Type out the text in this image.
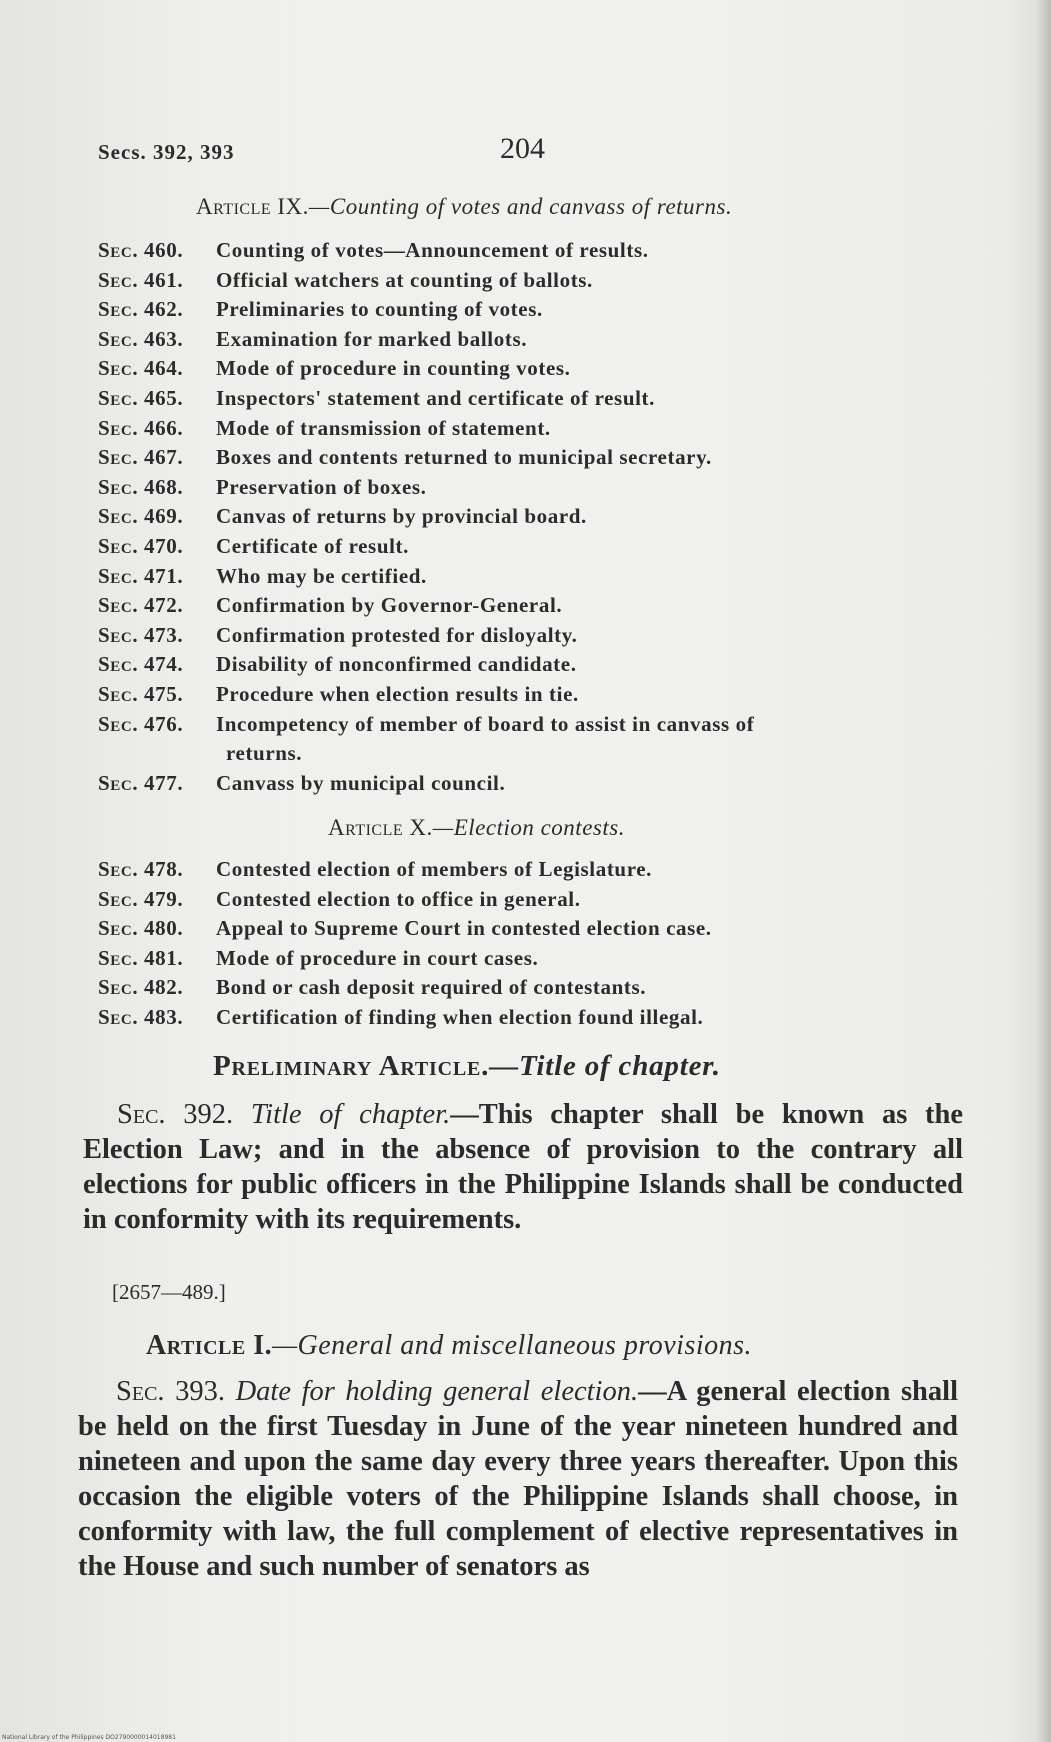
Secs. 392, 393	204
Article IX.—Counting of votes and canvass of returns.
Sec. 460. Counting of votes—Announcement of results.
Sec. 461. Official watchers at counting of ballots.
Sec. 462. Preliminaries to counting of votes.
Sec. 463. Examination for marked ballots.
Sec. 464. Mode of procedure in counting votes.
Sec. 465. Inspectors' statement and certificate of result.
Sec. 466. Mode of transmission of statement.
Sec. 467. Boxes and contents returned to municipal secretary.
Sec. 468. Preservation of boxes.
Sec. 469. Canvas of returns by provincial board.
Sec. 470. Certificate of result.
Sec. 471. Who may be certified.
Sec. 472. Confirmation by Governor-General.
Sec. 473. Confirmation protested for disloyalty.
Sec. 474. Disability of nonconfirmed candidate.
Sec. 475. Procedure when election results in tie.
Sec. 476. Incompetency of member of board to assist in canvass of
returns.
Sec. 477. Canvass by municipal council.
Article X.—Election contests.
Sec. 478. Contested election of members of Legislature.
Sec. 479. Contested election to office in general.
Sec. 480. Appeal to Supreme Court in contested election case.
Sec. 481. Mode of procedure in court cases.
Sec. 482. Bond or cash deposit required of contestants.
Sec. 483. Certification of finding when election found illegal.
Preliminary Article.—Title of chapter.
Sec. 392. Title of chapter.—This chapter shall be known as the Election Law; and in the absence of provision to the contrary all elections for public officers in the Philippine Islands shall be conducted in conformity with its requirements.
[2657—489.]
Article I.—General and miscellaneous provisions.
Sec. 393. Date for holding general election.—A general election shall be held on the first Tuesday in June of the year nineteen hundred and nineteen and upon the same day every three years thereafter. Upon this occasion the eligible voters of the Philippine Islands shall choose, in conformity with law, the full complement of elective representatives in the House and such number of senators as
National Library of the Philippines DO2790000014018981
